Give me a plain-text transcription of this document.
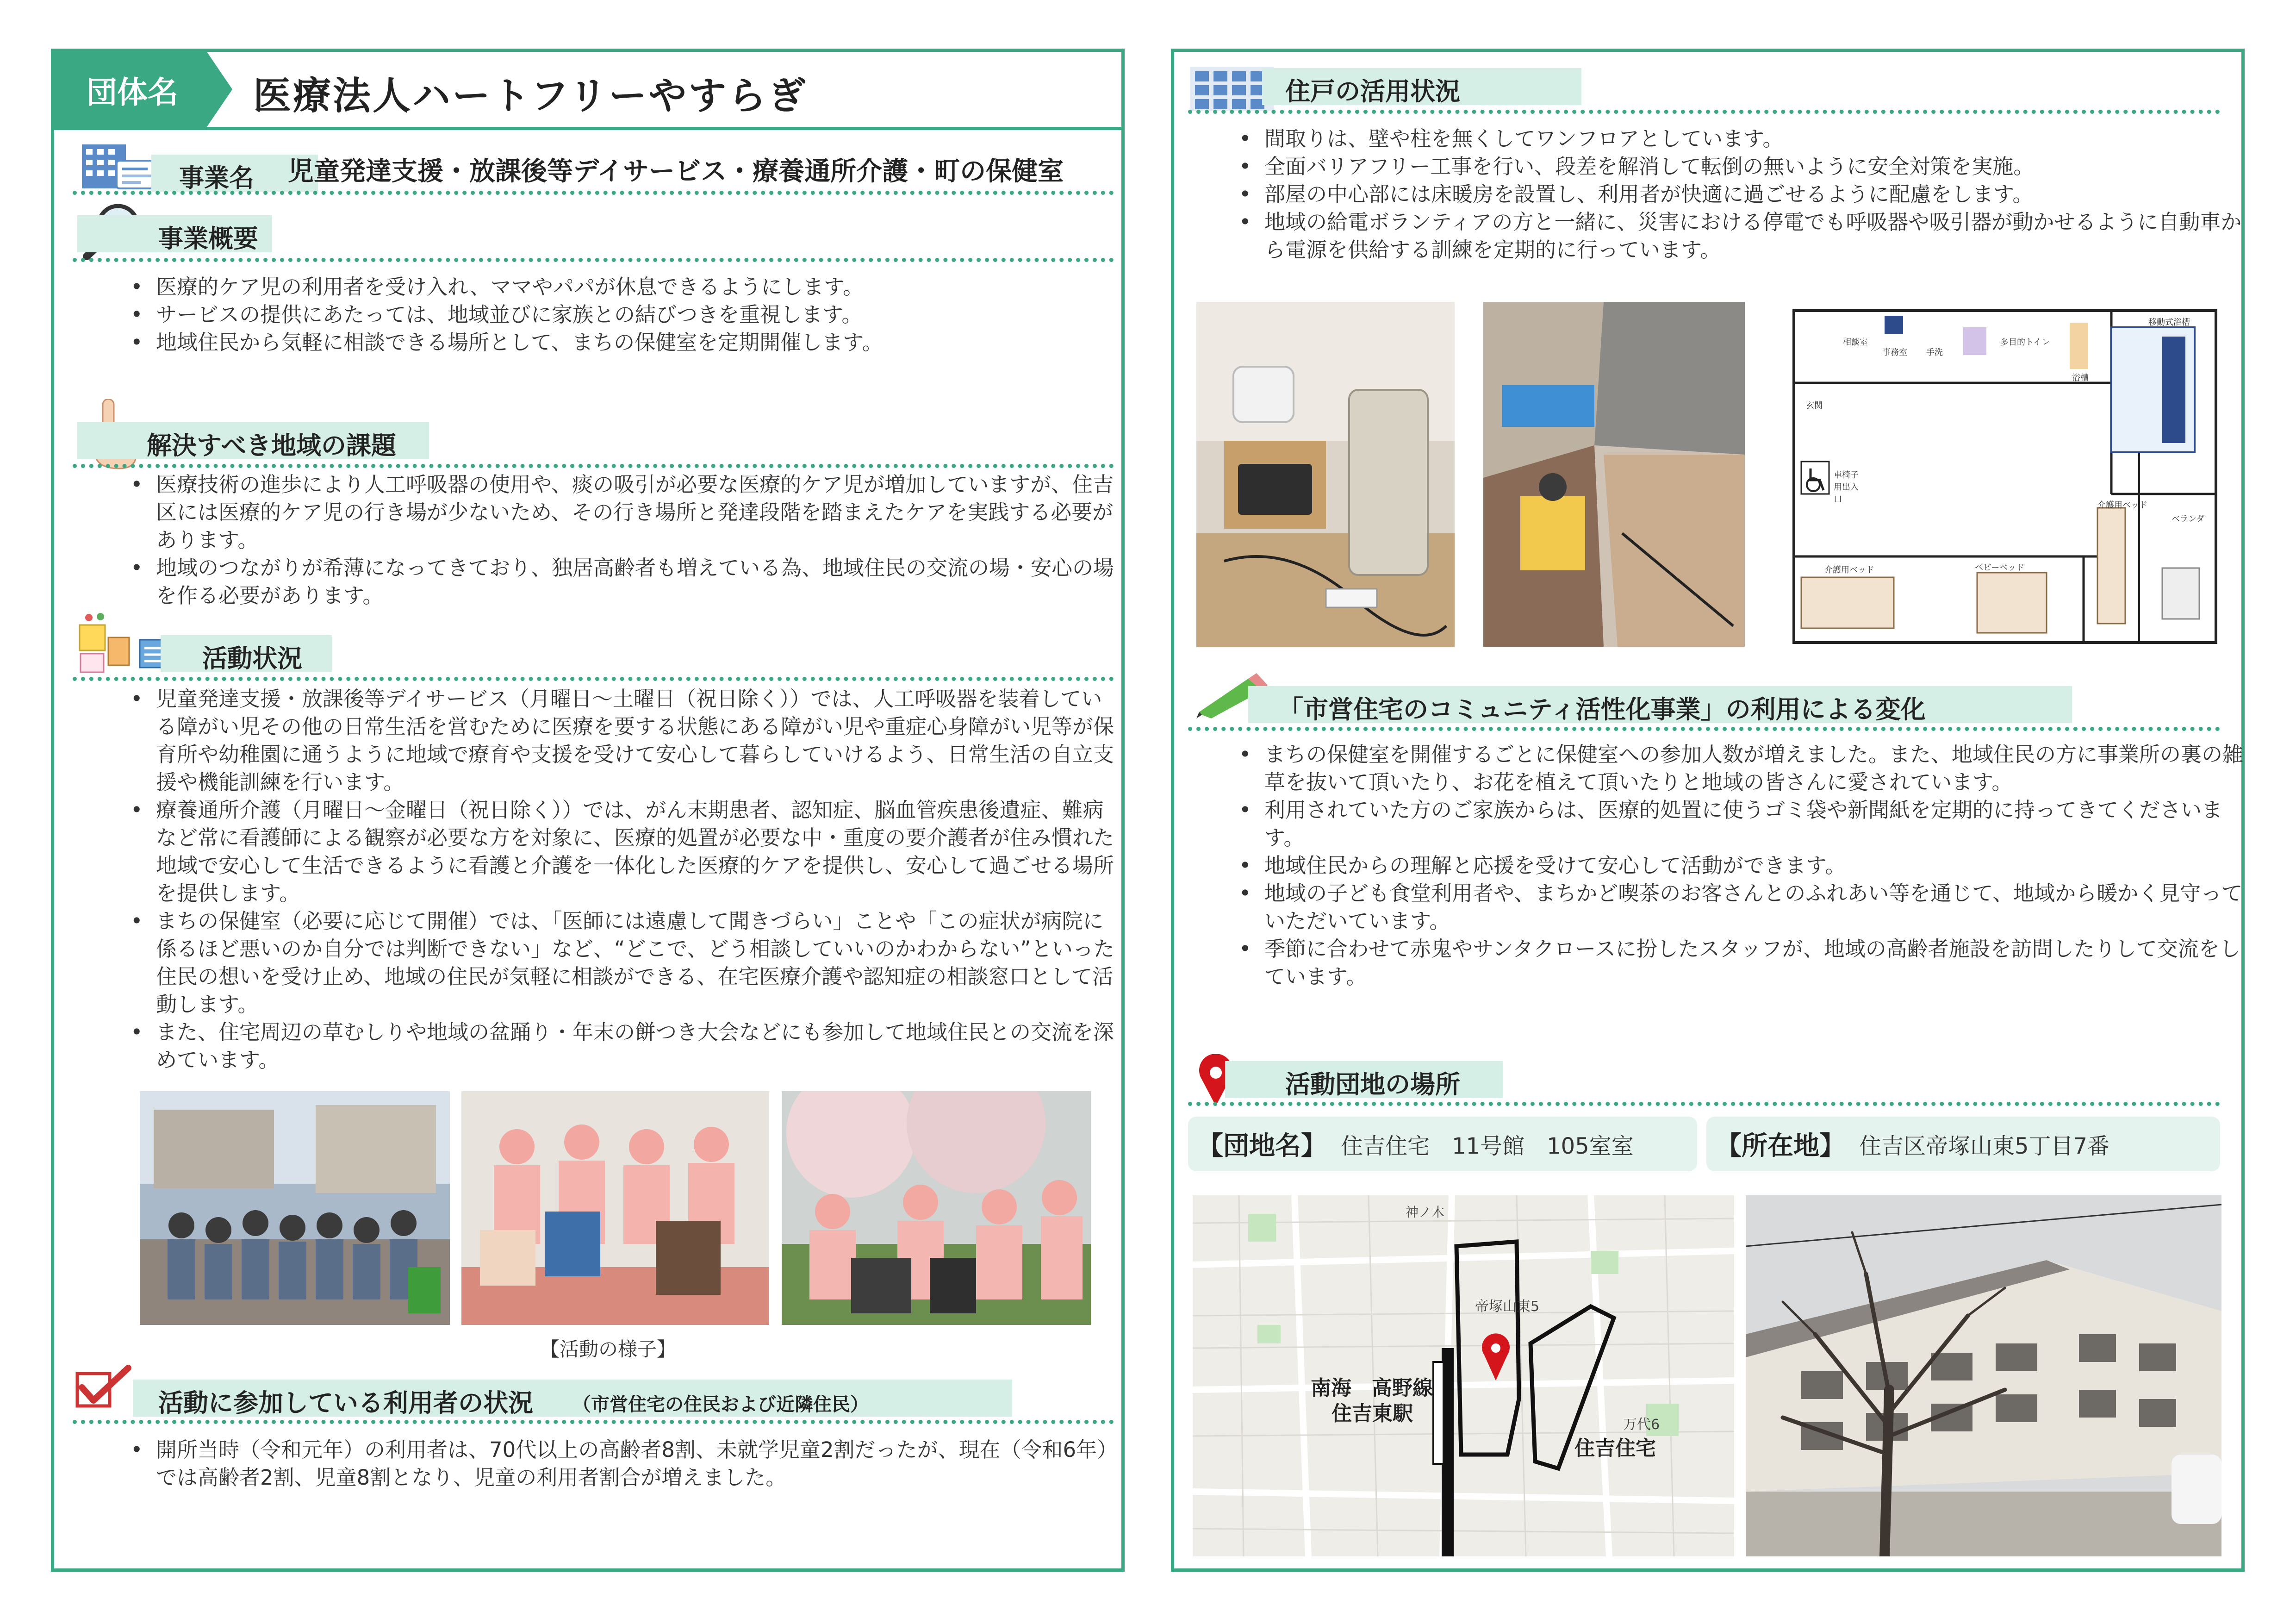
団体名	医療法人ハートフリーやすらぎ
事業名 児童発達支援・放課後等デイサービス・療養通所介護・町の保健室
事業概要
• 医療的ケア児の利用者を受け入れ、ママやパパが休息できるようにします。
• サービスの提供にあたっては、地域並びに家族との結びつきを重視します。
• 地域住民から気軽に相談できる場所として、まちの保健室を定期開催します。
解決すべき地域の課題
• 医療技術の進歩により人工呼吸器の使用や、痰の吸引が必要な医療的ケア児が増加していますが、住吉区には医療的ケア児の行き場が少ないため、その行き場所と発達段階を踏まえたケアを実践する必要があります。
• 地域のつながりが希薄になってきており、独居高齢者も増えている為、地域住民の交流の場・安心の場を作る必要があります。
活動状況
• 児童発達支援・放課後等デイサービス（月曜日～土曜日（祝日除く））では、人工呼吸器を装着している障がい児その他の日常生活を営むために医療を要する状態にある障がい児や重症心身障がい児等が保育所や幼稚園に通うように地域で療育や支援を受けて安心して暮らしていけるよう、日常生活の自立支援や機能訓練を行います。
• 療養通所介護（月曜日～金曜日（祝日除く））では、がん末期患者、認知症、脳血管疾患後遺症、難病など常に看護師による観察が必要な方を対象に、医療的処置が必要な中・重度の要介護者が住み慣れた地域で安心して生活できるように看護と介護を一体化した医療的ケアを提供し、安心して過ごせる場所を提供します。
• まちの保健室（必要に応じて開催）では、「医師には遠慮して聞きづらい」ことや「この症状が病院に係るほど悪いのか自分では判断できない」など、“どこで、どう相談していいのかわからない”といった住民の想いを受け止め、地域の住民が気軽に相談ができる、在宅医療介護や認知症の相談窓口として活動します。
• また、住宅周辺の草むしりや地域の盆踊り・年末の餅つき大会などにも参加して地域住民との交流を深めています。
【活動の様子】
活動に参加している利用者の状況 （市営住宅の住民および近隣住民）
• 開所当時（令和元年）の利用者は、70代以上の高齢者8割、未就学児童2割だったが、現在（令和6年）では高齢者2割、児童8割となり、児童の利用者割合が増えました。
住戸の活用状況
• 間取りは、壁や柱を無くしてワンフロアとしています。
• 全面バリアフリー工事を行い、段差を解消して転倒の無いように安全対策を実施。
• 部屋の中心部には床暖房を設置し、利用者が快適に過ごせるように配慮をします。
• 地域の給電ボランティアの方と一緒に、災害における停電でも呼吸器や吸引器が動かせるように自動車から電源を供給する訓練を定期的に行っています。
相談室
事務室 手洗
多目的トイレ
移動式浴槽
浴槽
玄関
車椅子用出入口
介護用ベッド
ベランダ
介護用ベッド	ベビーベッド
「市営住宅のコミュニティ活性化事業」の利用による変化
• まちの保健室を開催するごとに保健室への参加人数が増えました。また、地域住民の方に事業所の裏の雑草を抜いて頂いたり、お花を植えて頂いたりと地域の皆さんに愛されています。
• 利用されていた方のご家族からは、医療的処置に使うゴミ袋や新聞紙を定期的に持ってきてくださいます。
• 地域住民からの理解と応援を受けて安心して活動ができます。
• 地域の子ども食堂利用者や、まちかど喫茶のお客さんとのふれあい等を通じて、地域から暖かく見守っていただいています。
• 季節に合わせて赤鬼やサンタクロースに扮したスタッフが、地域の高齢者施設を訪問したりして交流をしています。
活動団地の場所
【団地名】 住吉住宅　11号館　105室室	【所在地】 住吉区帝塚山東5丁目7番
南海　高野線
住吉東駅
住吉住宅
帝塚山東5
万代6
神ノ木
